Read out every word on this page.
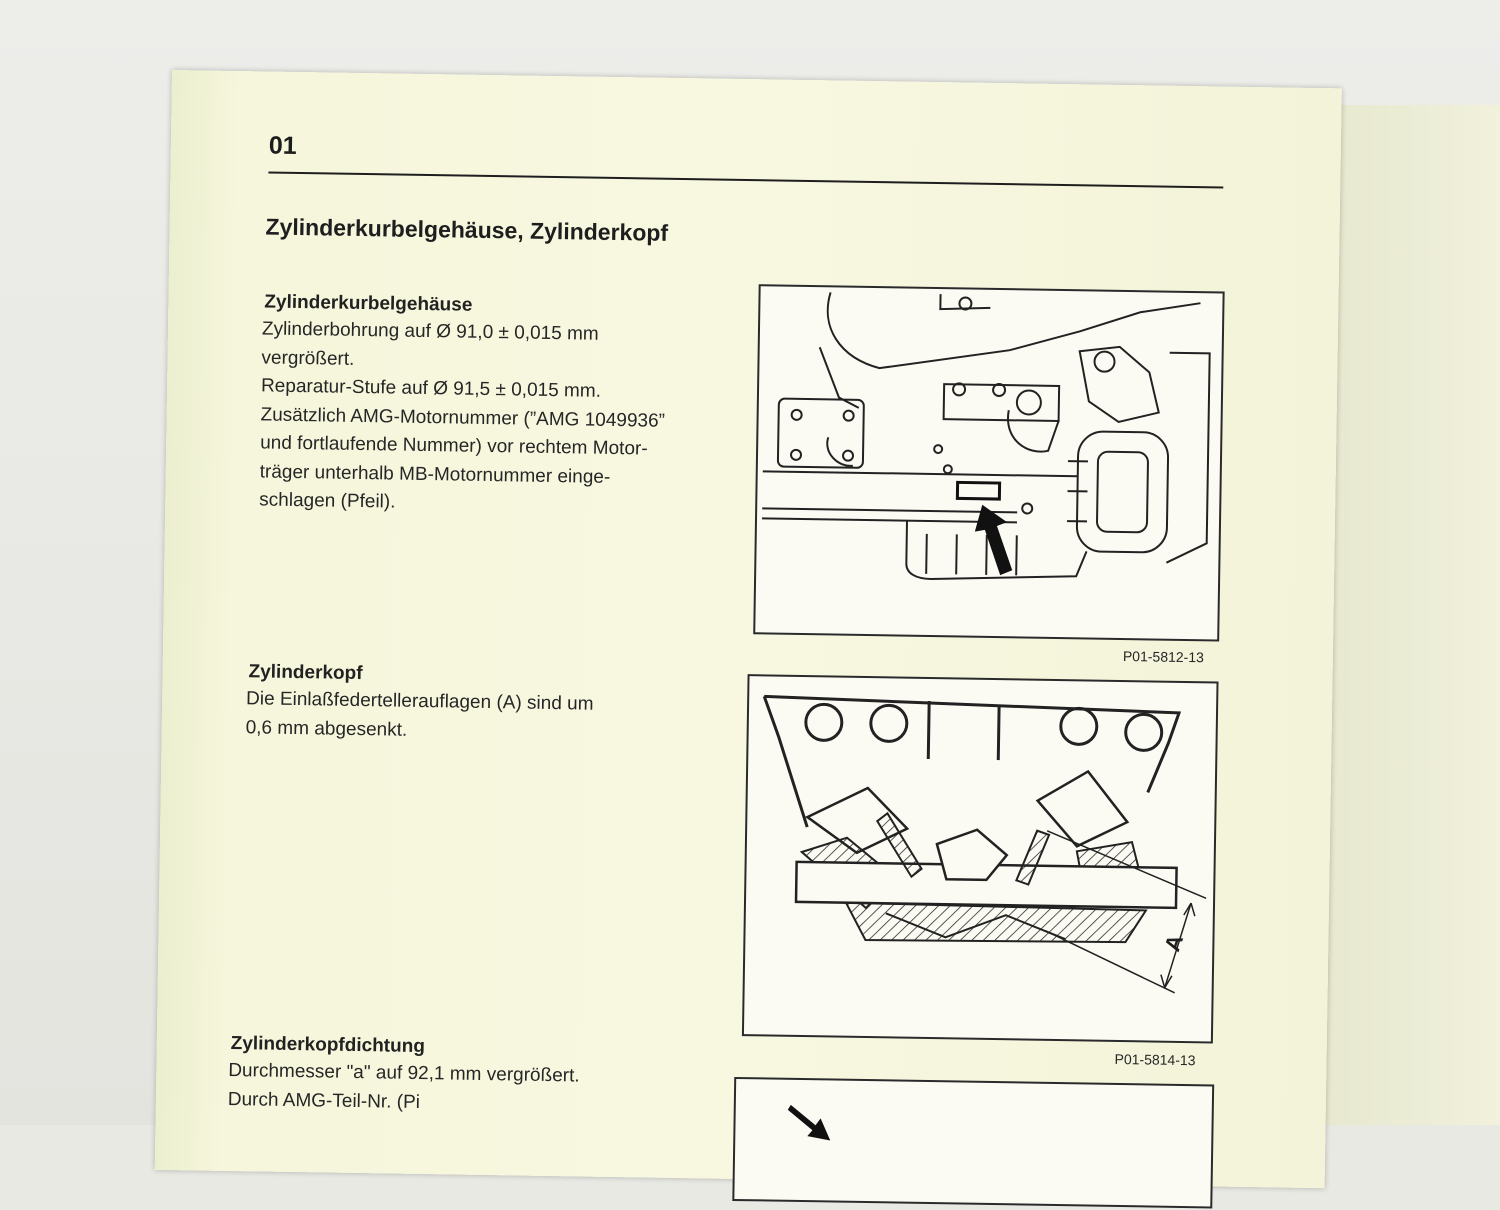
01
Zylinderkurbelgehäuse, Zylinderkopf
Zylinderkurbelgehäuse
Zylinderbohrung auf Ø 91,0 ± 0,015 mm
vergrößert.
Reparatur-Stufe auf Ø 91,5 ± 0,015 mm.
Zusätzlich AMG-Motornummer (”AMG 1049936”
und fortlaufende Nummer) vor rechtem Motor-
träger unterhalb MB-Motornummer einge-
schlagen (Pfeil).
Zylinderkopf
Die Einlaßfedertellerauflagen (A) sind um
0,6 mm abgesenkt.
Zylinderkopfdichtung
Durchmesser "a" auf 92,1 mm vergrößert.
Durch AMG-Teil-Nr. (Pi
P01-5812-13
A
P01-5814-13
